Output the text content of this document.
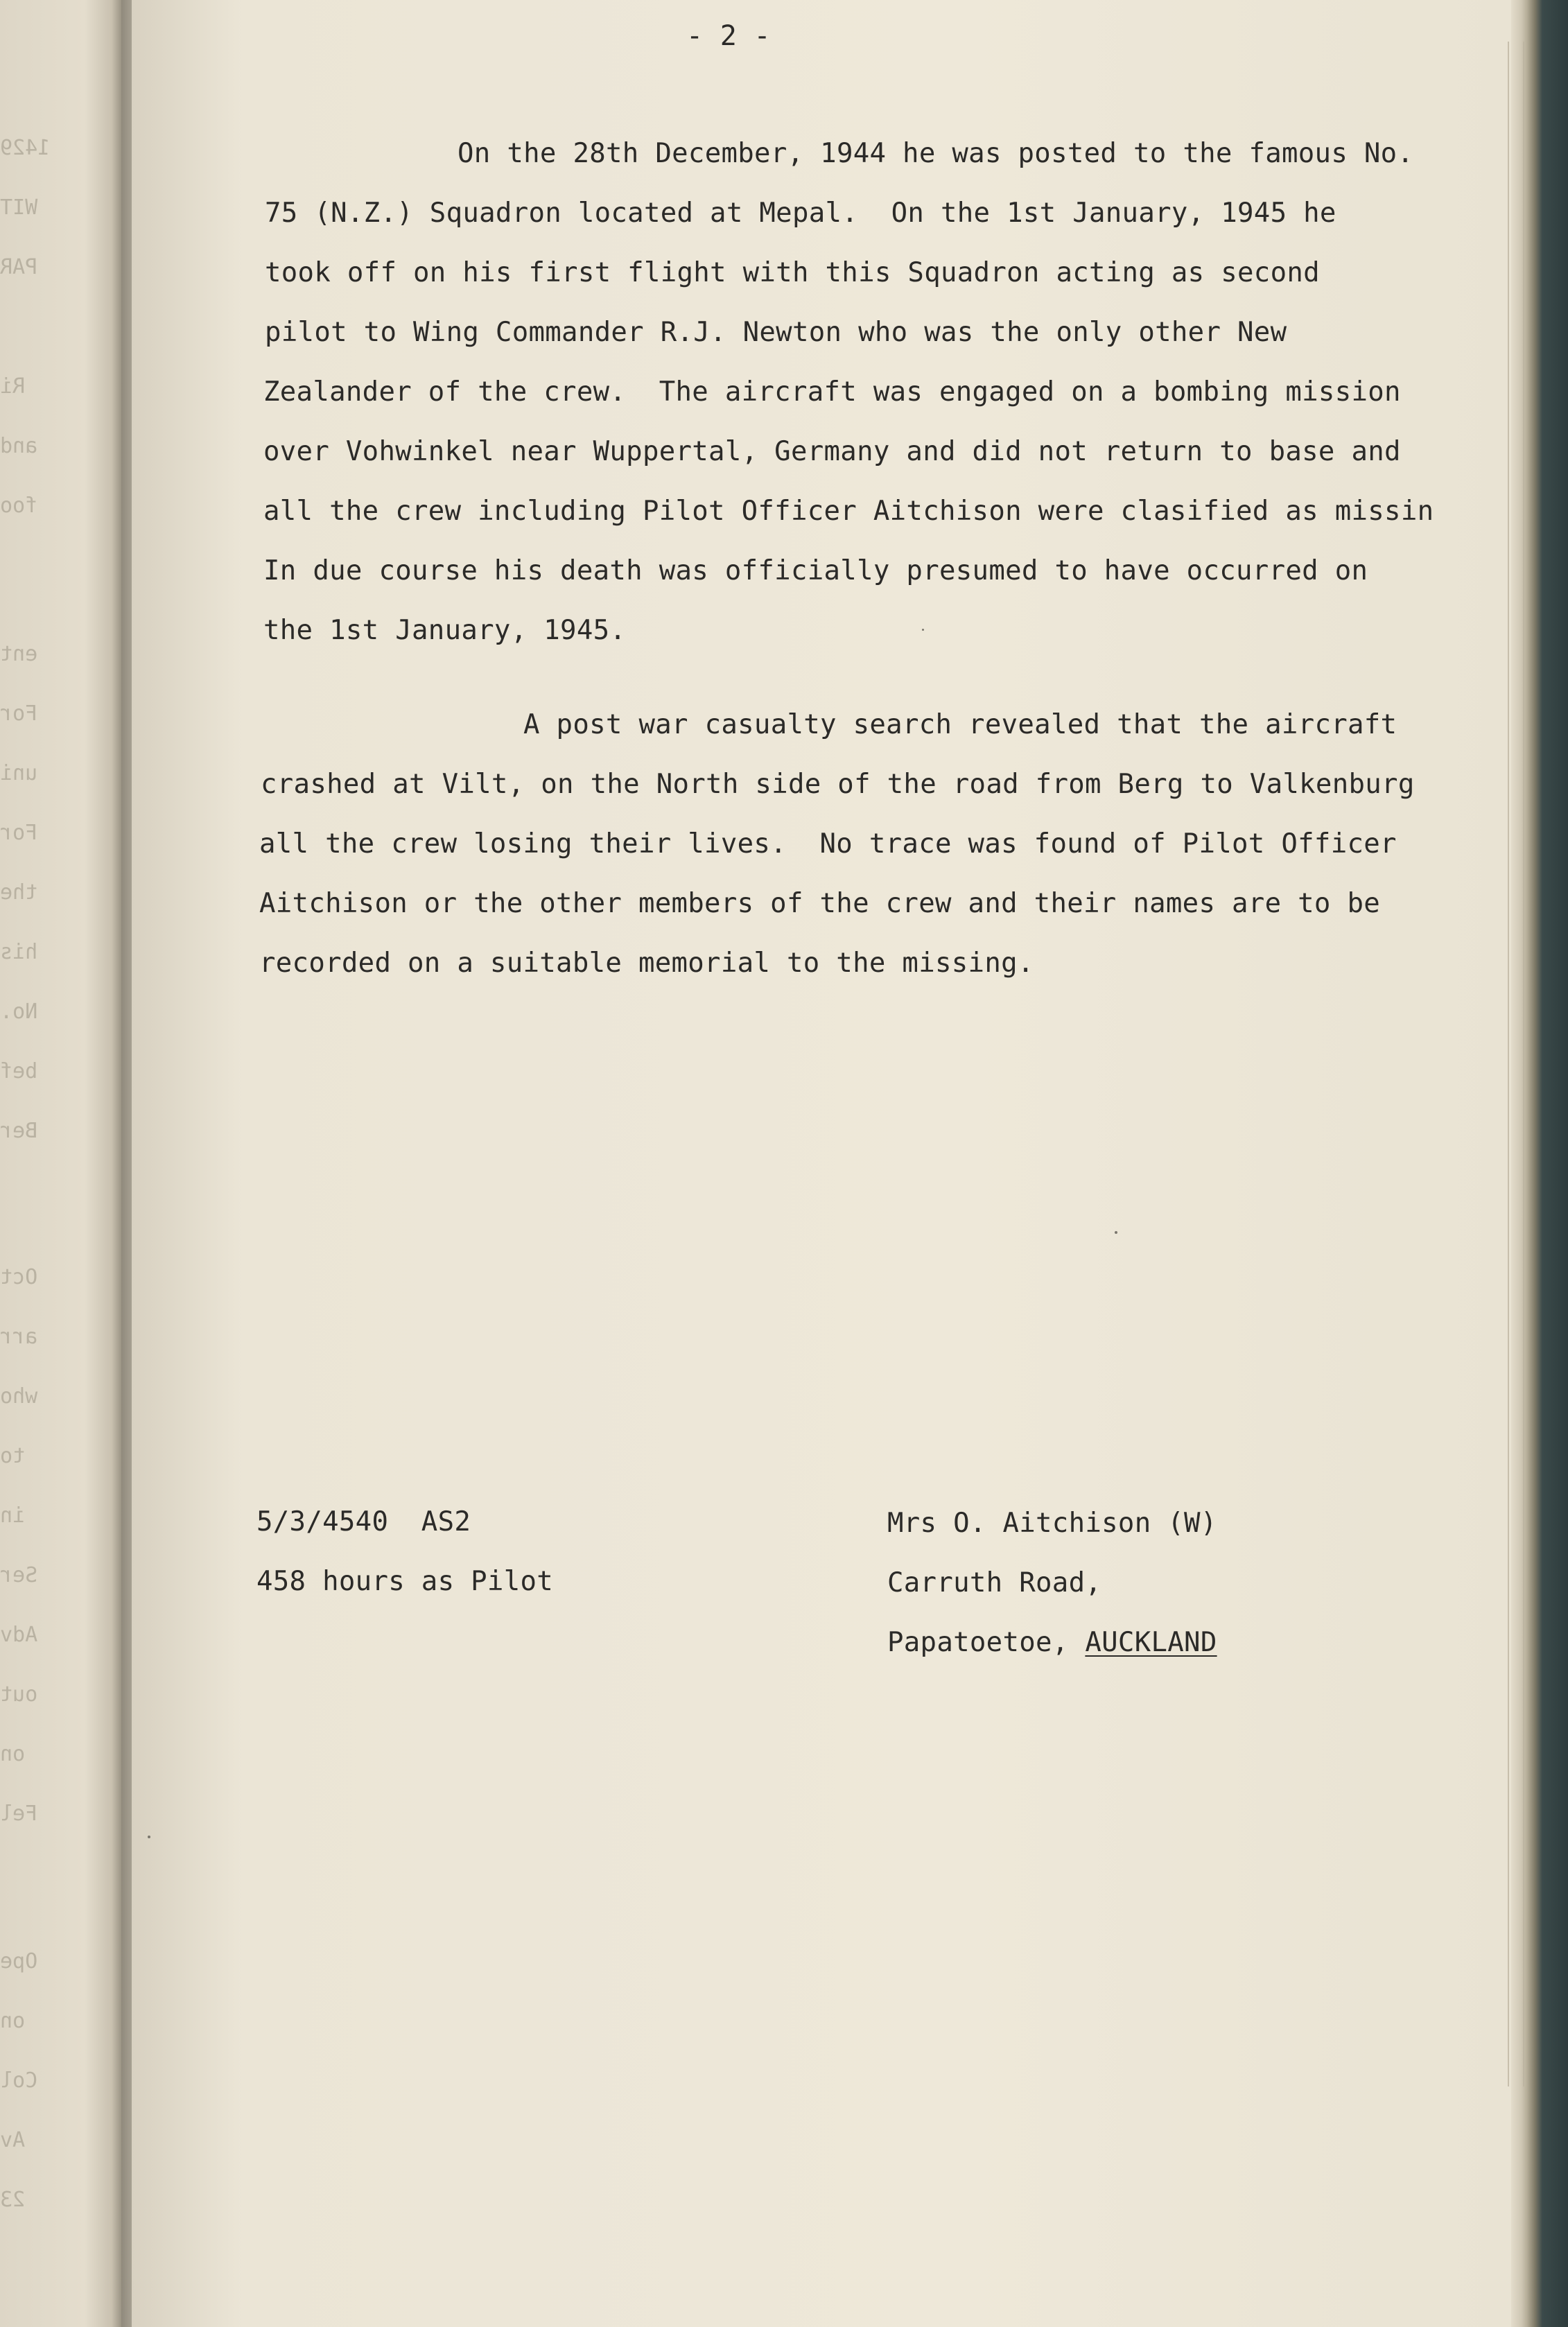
1429
WIT
PAR
Ri
and
foo
ent
For
uni
For
the
his
No.
bef
Ber
Oct
arr
who
to
in
Ser
Adv
out
on
Fel
Ope
on
Col
Av
23
- 2 -
On the 28th December, 1944 he was posted to the famous No.
75 (N.Z.) Squadron located at Mepal.  On the 1st January, 1945 he
took off on his first flight with this Squadron acting as second
pilot to Wing Commander R.J. Newton who was the only other New
Zealander of the crew.  The aircraft was engaged on a bombing mission
over Vohwinkel near Wuppertal, Germany and did not return to base and
all the crew including Pilot Officer Aitchison were clasified as missin
In due course his death was officially presumed to have occurred on
the 1st January, 1945.
A post war casualty search revealed that the aircraft
crashed at Vilt, on the North side of the road from Berg to Valkenburg
all the crew losing their lives.  No trace was found of Pilot Officer
Aitchison or the other members of the crew and their names are to be
recorded on a suitable memorial to the missing.
5/3/4540  AS2
458 hours as Pilot
Mrs O. Aitchison (W)
Carruth Road,
Papatoetoe, AUCKLAND
